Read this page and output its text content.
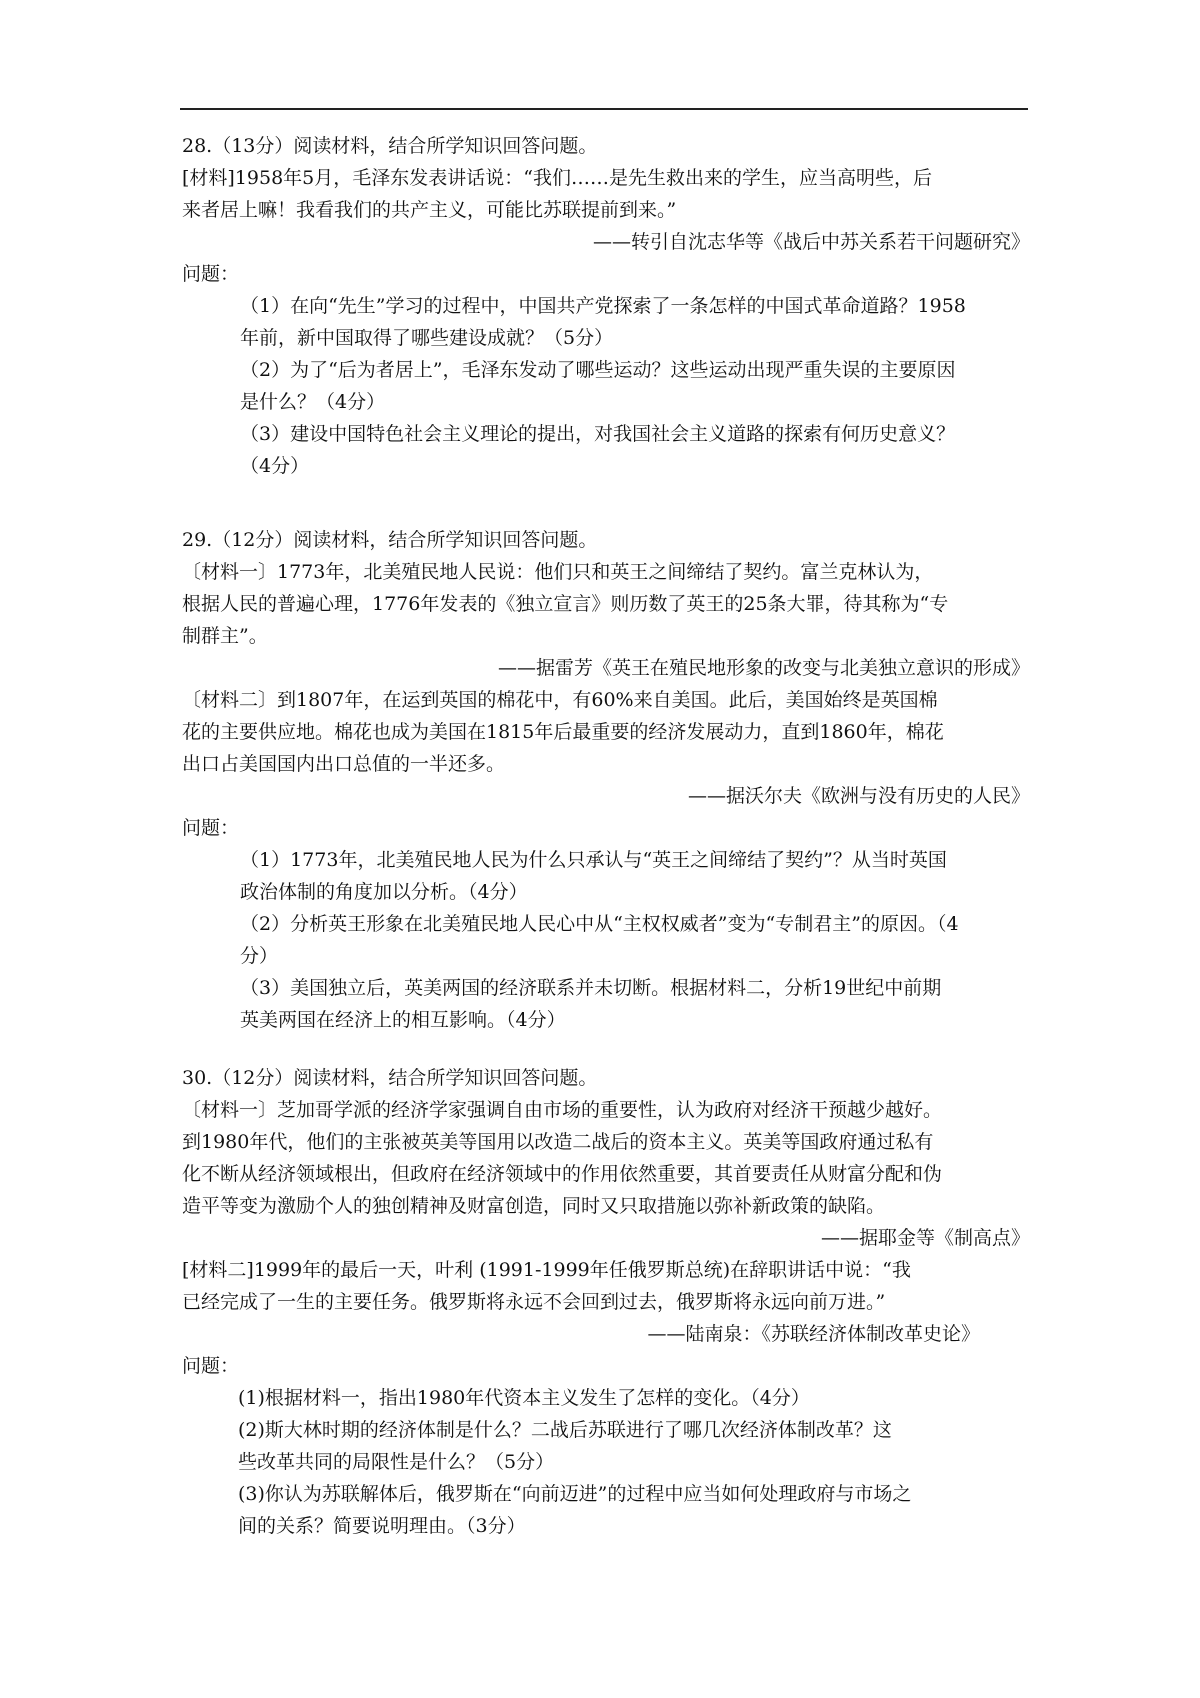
28.（13分）阅读材料，结合所学知识回答问题。
[材料]1958年5月，毛泽东发表讲话说：“我们……是先生救出来的学生，应当高明些，后
来者居上嘛！我看我们的共产主义，可能比苏联提前到来。”
——转引自沈志华等《战后中苏关系若干问题研究》
问题：
（1）在向“先生”学习的过程中，中国共产党探索了一条怎样的中国式革命道路？1958
年前，新中国取得了哪些建设成就？（5分）
（2）为了“后为者居上”，毛泽东发动了哪些运动？这些运动出现严重失误的主要原因
是什么？（4分）
（3）建设中国特色社会主义理论的提出，对我国社会主义道路的探索有何历史意义？
（4分）
29.（12分）阅读材料，结合所学知识回答问题。
〔材料一〕1773年，北美殖民地人民说：他们只和英王之间缔结了契约。富兰克林认为，
根据人民的普遍心理，1776年发表的《独立宣言》则历数了英王的25条大罪，待其称为“专
制群主”。
——据雷芳《英王在殖民地形象的改变与北美独立意识的形成》
〔材料二〕到1807年，在运到英国的棉花中，有60%来自美国。此后，美国始终是英国棉
花的主要供应地。棉花也成为美国在1815年后最重要的经济发展动力，直到1860年，棉花
出口占美国国内出口总值的一半还多。
——据沃尔夫《欧洲与没有历史的人民》
问题：
（1）1773年，北美殖民地人民为什么只承认与“英王之间缔结了契约”？从当时英国
政治体制的角度加以分析。（4分）
（2）分析英王形象在北美殖民地人民心中从“主权权威者”变为“专制君主”的原因。（4
分）
（3）美国独立后，英美两国的经济联系并未切断。根据材料二，分析19世纪中前期
英美两国在经济上的相互影响。（4分）
30.（12分）阅读材料，结合所学知识回答问题。
〔材料一〕芝加哥学派的经济学家强调自由市场的重要性，认为政府对经济干预越少越好。
到1980年代，他们的主张被英美等国用以改造二战后的资本主义。英美等国政府通过私有
化不断从经济领域根出，但政府在经济领域中的作用依然重要，其首要责任从财富分配和伪
造平等变为激励个人的独创精神及财富创造，同时又只取措施以弥补新政策的缺陷。
——据耶金等《制高点》
[材料二]1999年的最后一天，叶利 (1991-1999年任俄罗斯总统)在辞职讲话中说：“我
已经完成了一生的主要任务。俄罗斯将永远不会回到过去，俄罗斯将永远向前万进。”
——陆南泉：《苏联经济体制改革史论》
问题：
(1)根据材料一，指出1980年代资本主义发生了怎样的变化。（4分）
(2)斯大林时期的经济体制是什么？二战后苏联进行了哪几次经济体制改革？这
些改革共同的局限性是什么？（5分）
(3)你认为苏联解体后，俄罗斯在“向前迈进”的过程中应当如何处理政府与市场之
间的关系？简要说明理由。（3分）
